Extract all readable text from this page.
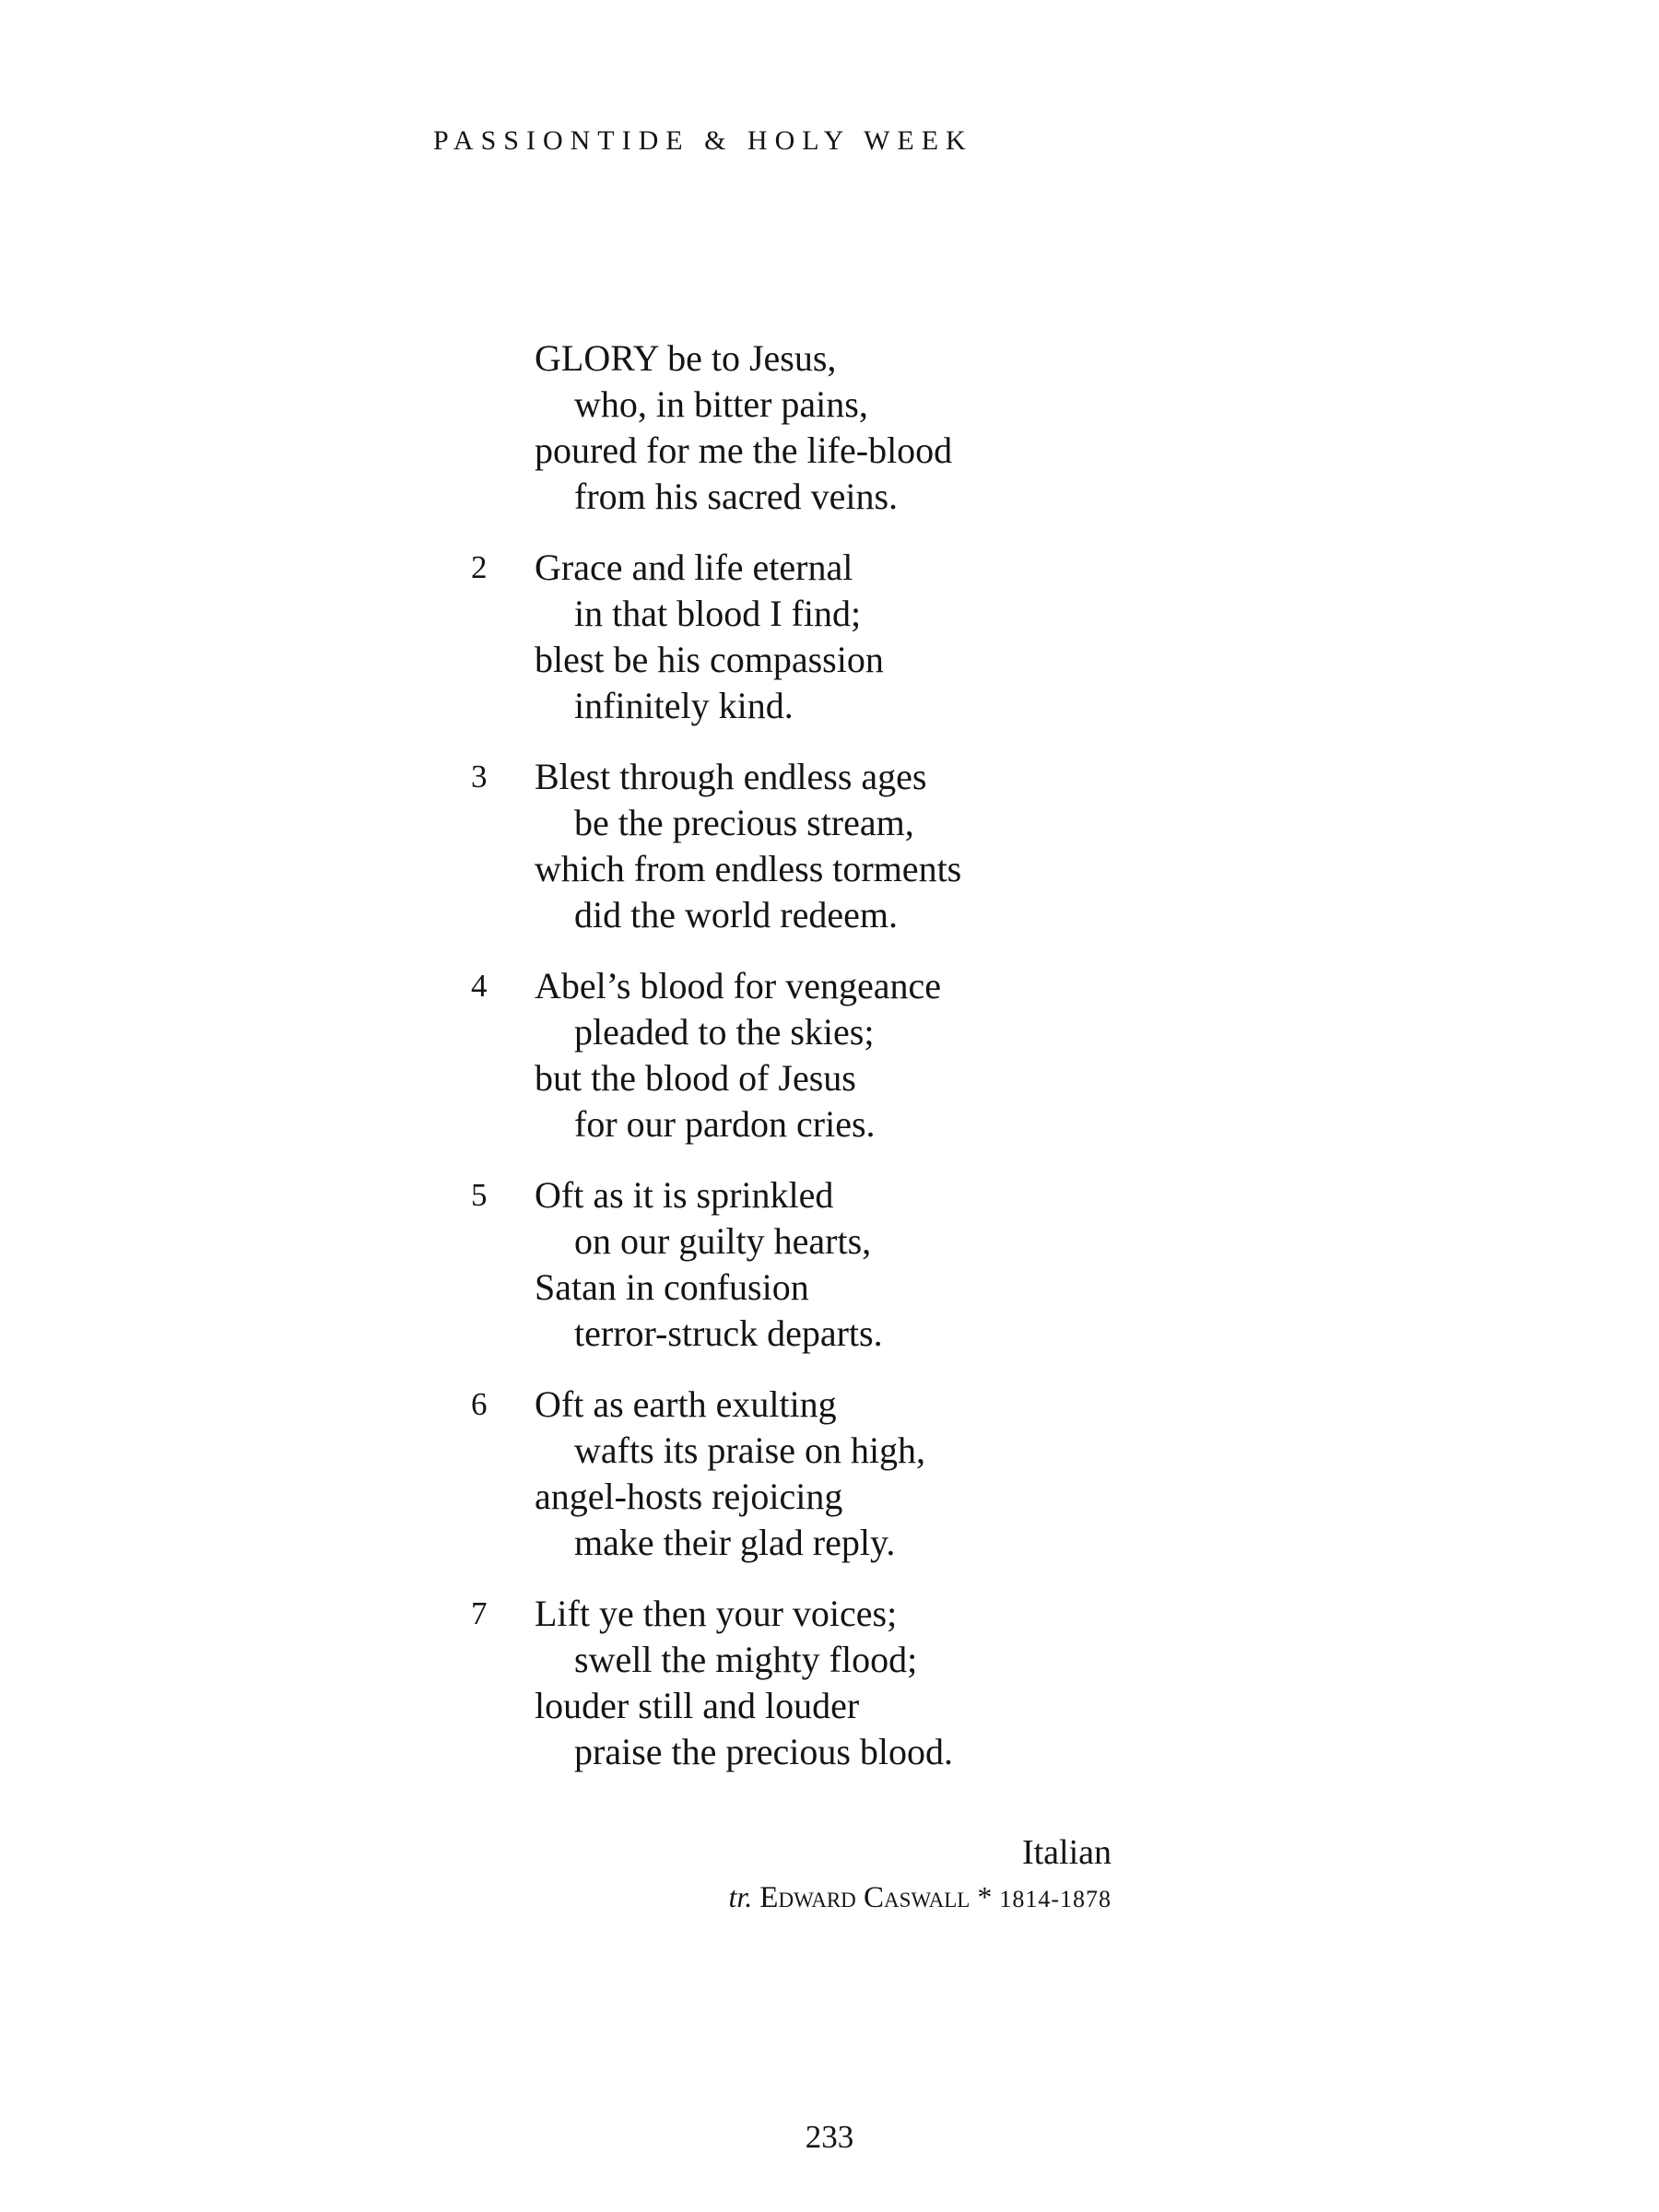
PASSIONTIDE & HOLY WEEK
GLORY be to Jesus,
who, in bitter pains,
poured for me the life-blood
from his sacred veins.
2 Grace and life eternal
in that blood I find;
blest be his compassion
infinitely kind.
3 Blest through endless ages
be the precious stream,
which from endless torments
did the world redeem.
4 Abel’s blood for vengeance
pleaded to the skies;
but the blood of Jesus
for our pardon cries.
5 Oft as it is sprinkled
on our guilty hearts,
Satan in confusion
terror-struck departs.
6 Oft as earth exulting
wafts its praise on high,
angel-hosts rejoicing
make their glad reply.
7 Lift ye then your voices;
swell the mighty flood;
louder still and louder
praise the precious blood.
Italian
tr. Edward Caswall * 1814-1878
233
